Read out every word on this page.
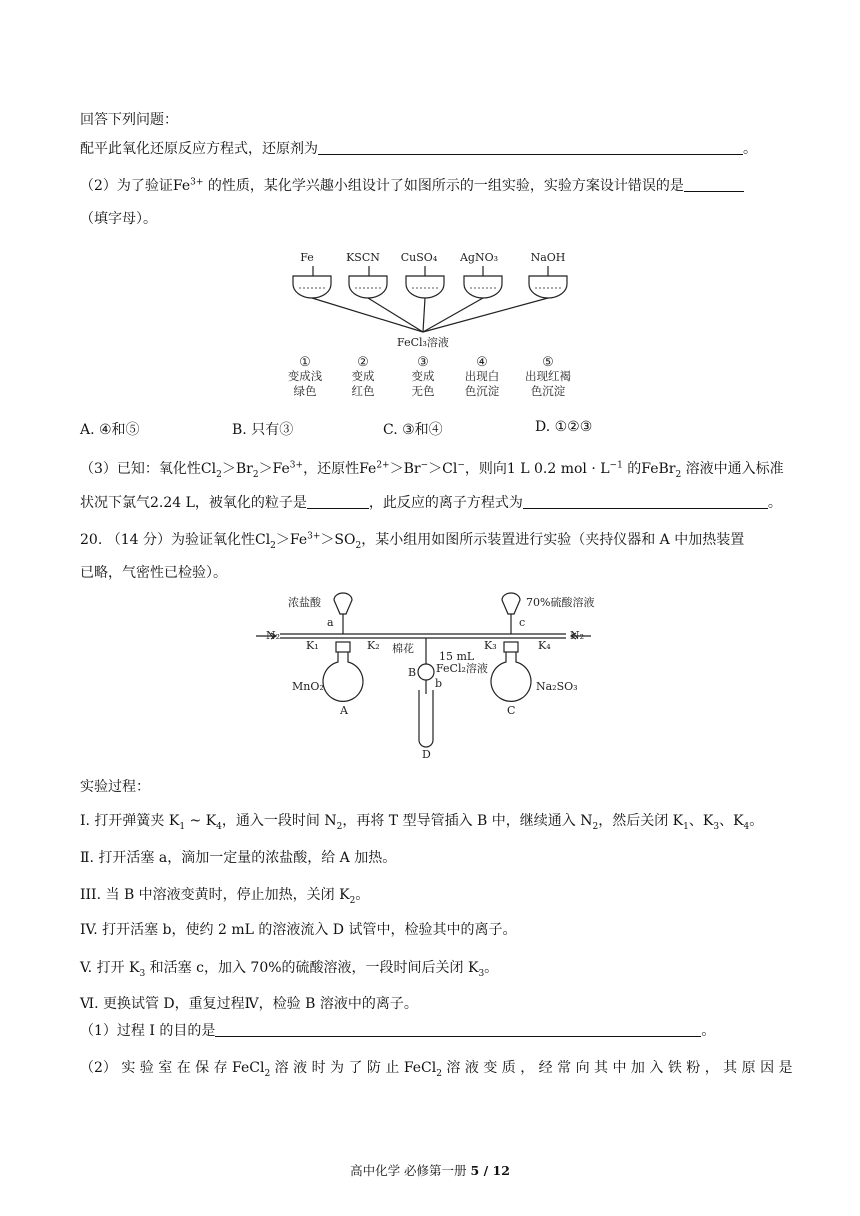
回答下列问题：
配平此氧化还原反应方程式，还原剂为	。
（2）为了验证$Fe^{3+}$ 的性质，某化学兴趣小组设计了如图所示的一组实验，实验方案设计错误的是
（填字母）。
Fe	KSCN CuSO₄ AgNO₃	NaOH
FeCl₃溶液
①	②	③	④	⑤
变成浅	变成	变成	出现白 出现红褐
绿色	红色	无色	色沉淀	色沉淀
A. ④和⑤	B. 只有③	C. ③和④	D. ①②③
（3）已知：氧化性$Cl_2>Br_2>Fe^{3+}$，还原性$Fe^{2+}>Br^->Cl^-$，则向1 L 0.2 mol · $L^{-1}$ 的FeBr$_2$ 溶液中通入标准
状况下氯气2.24 L，被氧化的粒子是	，此反应的离子方程式为	。
20. （14 分）为验证氧化性$Cl_2>Fe^{3+}>SO_2$，某小组用如图所示装置进行实验（夹持仪器和 A 中加热装置
已略，气密性已检验）。
浓盐酸	70%硫酸溶液
a	c
N₂	N₂
K₁	K₂	K₃	K₄
棉花
15 mL
FeCl₂溶液
B
b
MnO₂	Na₂SO₃
A	C
D
实验过程：
I. 打开弹簧夹 $K_1$ ~ $K_4$，通入一段时间 $N_2$，再将 T 型导管插入 B 中，继续通入 $N_2$，然后关闭 $K_1$、$K_3$、$K_4$。
Ⅱ. 打开活塞 a，滴加一定量的浓盐酸，给 A 加热。
III. 当 B 中溶液变黄时，停止加热，关闭 $K_2$。
IV. 打开活塞 b，使约 2 mL 的溶液流入 D 试管中，检验其中的离子。
V. 打开 $K_3$ 和活塞 c，加入 70%的硫酸溶液，一段时间后关闭 $K_3$。
Ⅵ. 更换试管 D，重复过程Ⅳ，检验 B 溶液中的离子。
（1）过程 I 的目的是	。
（2） 实 验 室 在 保 存 FeCl$_2$ 溶 液 时 为 了 防 止 FeCl$_2$ 溶 液 变 质 ， 经 常 向 其 中 加 入 铁 粉 ， 其 原 因 是
高中化学 必修第一册 5 / 12
